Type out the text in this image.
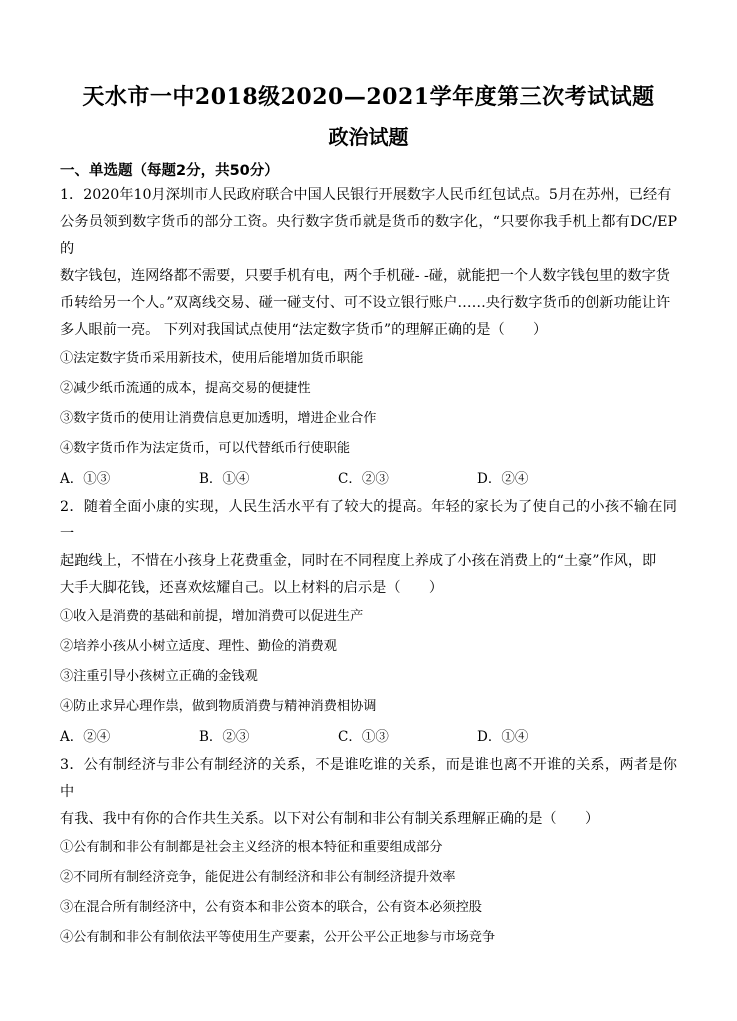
天水市一中2018级2020—2021学年度第三次考试试题
政治试题
一、单选题（每题2分，共50分）

1．2020年10月深圳市人民政府联合中国人民银行开展数字人民币红包试点。5月在苏州，已经有

公务员领到数字货币的部分工资。央行数字货币就是货币的数字化，“只要你我手机上都有DC/EP的

数字钱包，连网络都不需要，只要手机有电，两个手机碰- -碰，就能把一个人数字钱包里的数字货

币转给另一个人。”双离线交易、碰一碰支付、可不设立银行账户……央行数字货币的创新功能让许

多人眼前一亮。 下列对我国试点使用“法定数字货币”的理解正确的是（　　）

①法定数字货币采用新技术，使用后能增加货币职能

②减少纸币流通的成本，提高交易的便捷性

③数字货币的使用让消费信息更加透明，增进企业合作

④数字货币作为法定货币，可以代替纸币行使职能

A．①③	B．①④	C．②③	D．②④

2．随着全面小康的实现，人民生活水平有了较大的提高。年轻的家长为了使自己的小孩不输在同一

起跑线上，不惜在小孩身上花费重金，同时在不同程度上养成了小孩在消费上的“土豪”作风，即

大手大脚花钱，还喜欢炫耀自己。以上材料的启示是（　　）

①收入是消费的基础和前提，增加消费可以促进生产

②培养小孩从小树立适度、理性、勤俭的消费观

③注重引导小孩树立正确的金钱观

④防止求异心理作祟，做到物质消费与精神消费相协调

A．②④	B．②③	C．①③	D．①④

3．公有制经济与非公有制经济的关系，不是谁吃谁的关系，而是谁也离不开谁的关系，两者是你中

有我、我中有你的合作共生关系。以下对公有制和非公有制关系理解正确的是（　　）

①公有制和非公有制都是社会主义经济的根本特征和重要组成部分

②不同所有制经济竞争，能促进公有制经济和非公有制经济提升效率

③在混合所有制经济中，公有资本和非公资本的联合，公有资本必须控股

④公有制和非公有制依法平等使用生产要素，公开公平公正地参与市场竞争
